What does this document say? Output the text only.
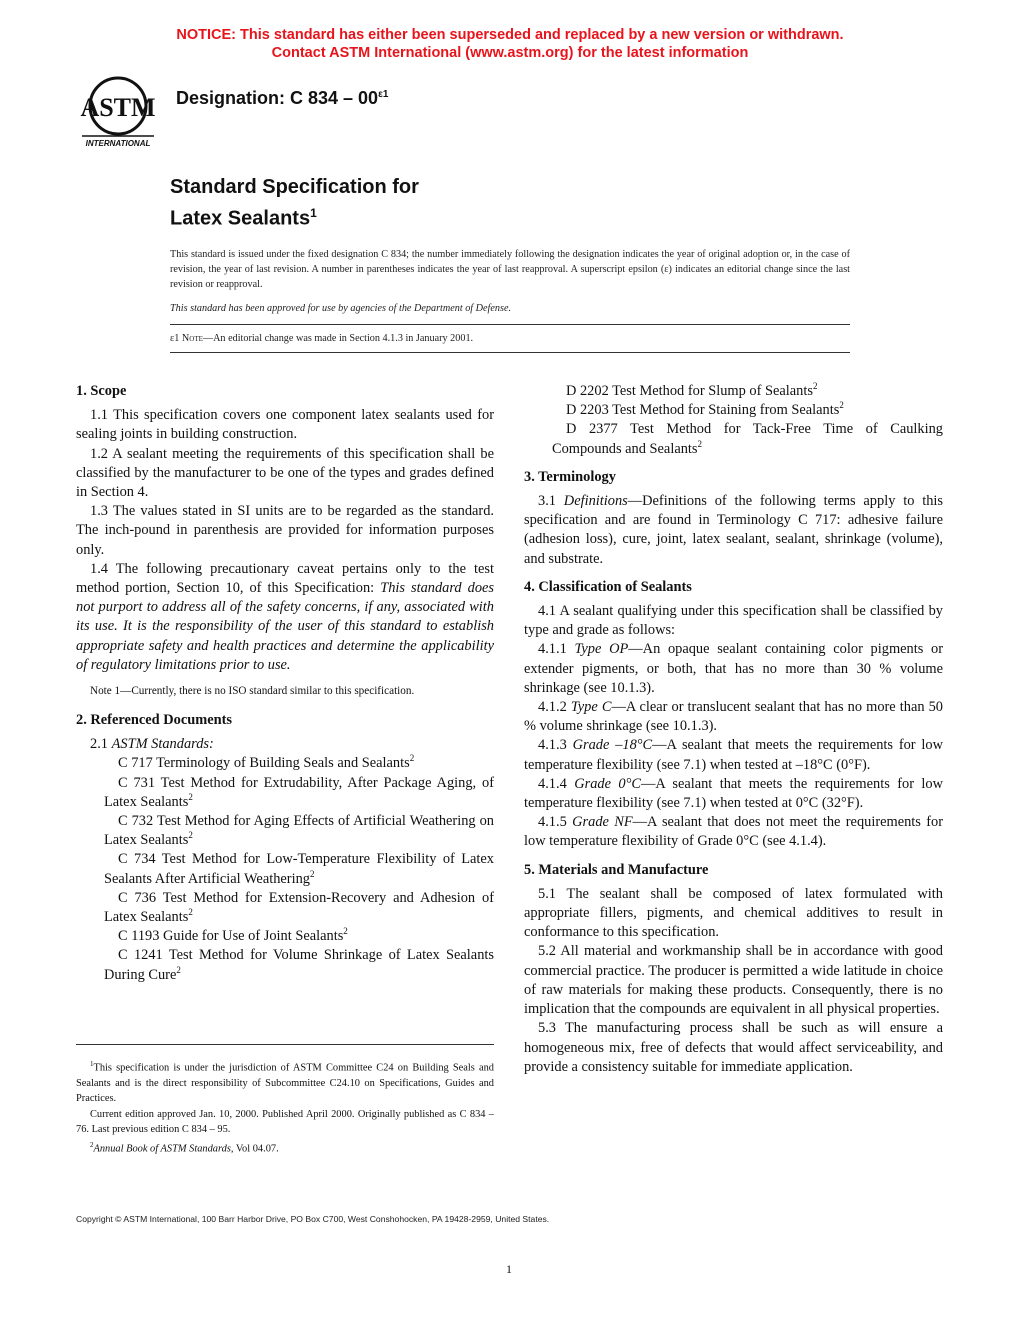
NOTICE: This standard has either been superseded and replaced by a new version or withdrawn.
Contact ASTM International (www.astm.org) for the latest information
ASTM
INTERNATIONAL
Designation: C $834 - 00^{\varepsilon 1}$
Standard Specification for
Latex Sealants$^1$

This standard is issued under the fixed designation C 834; the number immediately following the designation indicates the year of original adoption or, in the case of revision, the year of last revision. A number in parentheses indicates the year of last reapproval. A superscript epsilon (ε) indicates an editorial change since the last revision or reapproval.

This standard has been approved for use by agencies of the Department of Defense.

ε1 Note—An editorial change was made in Section 4.1.3 in January 2001.
1. Scope

1.1 This specification covers one component latex sealants used for sealing joints in building construction.

1.2 A sealant meeting the requirements of this specification shall be classified by the manufacturer to be one of the types and grades defined in Section 4.

1.3 The values stated in SI units are to be regarded as the standard. The inch-pound in parenthesis are provided for information purposes only.

1.4 The following precautionary caveat pertains only to the test method portion, Section 10, of this Specification: This standard does not purport to address all of the safety concerns, if any, associated with its use. It is the responsibility of the user of this standard to establish appropriate safety and health practices and determine the applicability of regulatory limitations prior to use.

Note 1—Currently, there is no ISO standard similar to this specification.

2. Referenced Documents

2.1 ASTM Standards:

C 717 Terminology of Building Seals and Sealants$^2$

C 731 Test Method for Extrudability, After Package Aging, of Latex Sealants$^2$

C 732 Test Method for Aging Effects of Artificial Weathering on Latex Sealants$^2$

C 734 Test Method for Low-Temperature Flexibility of Latex Sealants After Artificial Weathering$^2$

C 736 Test Method for Extension-Recovery and Adhesion of Latex Sealants$^2$

C 1193 Guide for Use of Joint Sealants$^2$

C 1241 Test Method for Volume Shrinkage of Latex Sealants During Cure$^2$

D 2202 Test Method for Slump of Sealants$^2$

D 2203 Test Method for Staining from Sealants$^2$

D 2377 Test Method for Tack-Free Time of Caulking Compounds and Sealants$^2$

3. Terminology

3.1 Definitions—Definitions of the following terms apply to this specification and are found in Terminology C 717: adhesive failure (adhesion loss), cure, joint, latex sealant, sealant, shrinkage (volume), and substrate.

4. Classification of Sealants

4.1 A sealant qualifying under this specification shall be classified by type and grade as follows:

4.1.1 Type OP—An opaque sealant containing color pigments or extender pigments, or both, that has no more than 30 % volume shrinkage (see 10.1.3).

4.1.2 Type C—A clear or translucent sealant that has no more than 50 % volume shrinkage (see 10.1.3).

4.1.3 Grade –18°C—A sealant that meets the requirements for low temperature flexibility (see 7.1) when tested at –18°C (0°F).

4.1.4 Grade 0°C—A sealant that meets the requirements for low temperature flexibility (see 7.1) when tested at 0°C (32°F).

4.1.5 Grade NF—A sealant that does not meet the requirements for low temperature flexibility of Grade 0°C (see 4.1.4).

5. Materials and Manufacture

5.1 The sealant shall be composed of latex formulated with appropriate fillers, pigments, and chemical additives to result in conformance to this specification.

5.2 All material and workmanship shall be in accordance with good commercial practice. The producer is permitted a wide latitude in choice of raw materials for making these products. Consequently, there is no implication that the compounds are equivalent in all physical properties.

5.3 The manufacturing process shall be such as will ensure a homogeneous mix, free of defects that would affect serviceability, and provide a consistency suitable for immediate application.

$^1$This specification is under the jurisdiction of ASTM Committee C24 on Building Seals and Sealants and is the direct responsibility of Subcommittee C24.10 on Specifications, Guides and Practices.

Current edition approved Jan. 10, 2000. Published April 2000. Originally published as C 834 – 76. Last previous edition C 834 – 95.

$^2$Annual Book of ASTM Standards, Vol 04.07.

Copyright © ASTM International, 100 Barr Harbor Drive, PO Box C700, West Conshohocken, PA 19428-2959, United States.
1
